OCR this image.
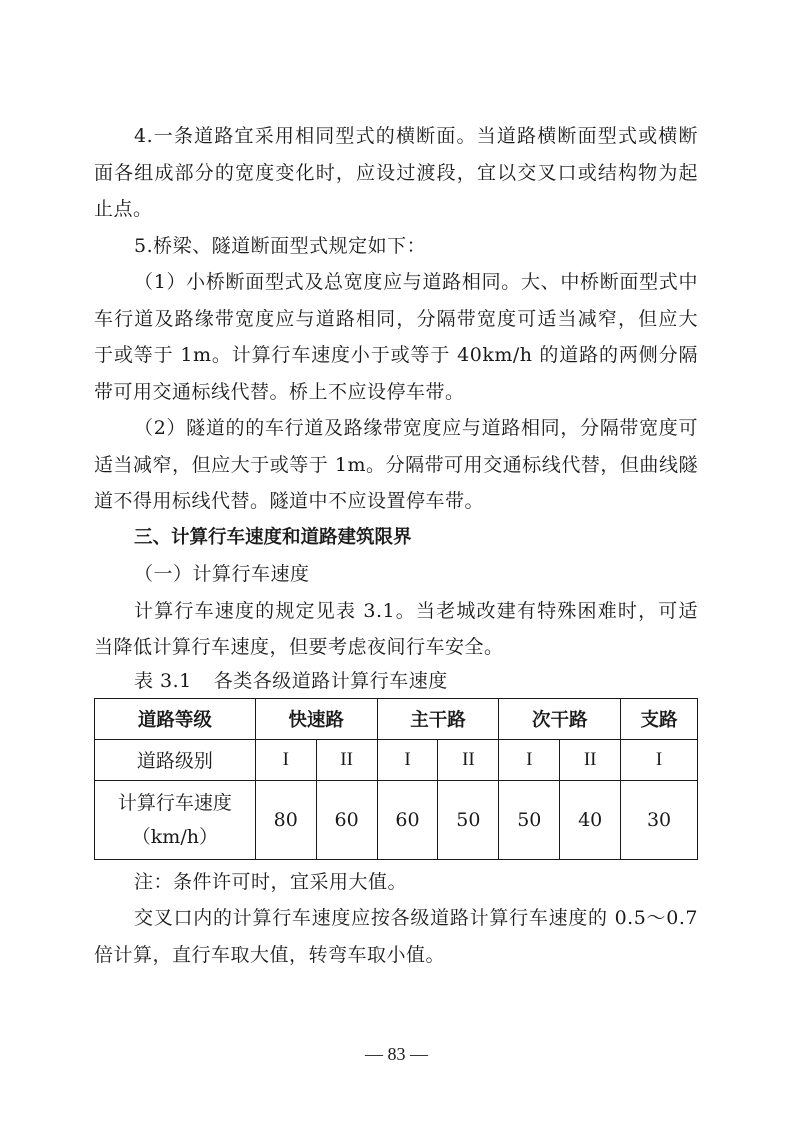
4.一条道路宜采用相同型式的横断面。当道路横断面型式或横断面各组成部分的宽度变化时，应设过渡段，宜以交叉口或结构物为起止点。

5.桥梁、隧道断面型式规定如下：

（1）小桥断面型式及总宽度应与道路相同。大、中桥断面型式中车行道及路缘带宽度应与道路相同，分隔带宽度可适当减窄，但应大于或等于 1m。计算行车速度小于或等于 40km/h 的道路的两侧分隔带可用交通标线代替。桥上不应设停车带。

（2）隧道的的车行道及路缘带宽度应与道路相同，分隔带宽度可适当减窄，但应大于或等于 1m。分隔带可用交通标线代替，但曲线隧道不得用标线代替。隧道中不应设置停车带。

三、计算行车速度和道路建筑限界

（一）计算行车速度

计算行车速度的规定见表 3.1。当老城改建有特殊困难时，可适当降低计算行车速度，但要考虑夜间行车安全。

表 3.1 各类各级道路计算行车速度

道路等级	快速路		主干路		次干路		支路
道路级别	I	II	I	II	I	II	I

计算行车速度
（km/h）	80	60	60	50	50	40	30

注：条件许可时，宜采用大值。

交叉口内的计算行车速度应按各级道路计算行车速度的 0.5～0.7 倍计算，直行车取大值，转弯车取小值。

— 83 —
